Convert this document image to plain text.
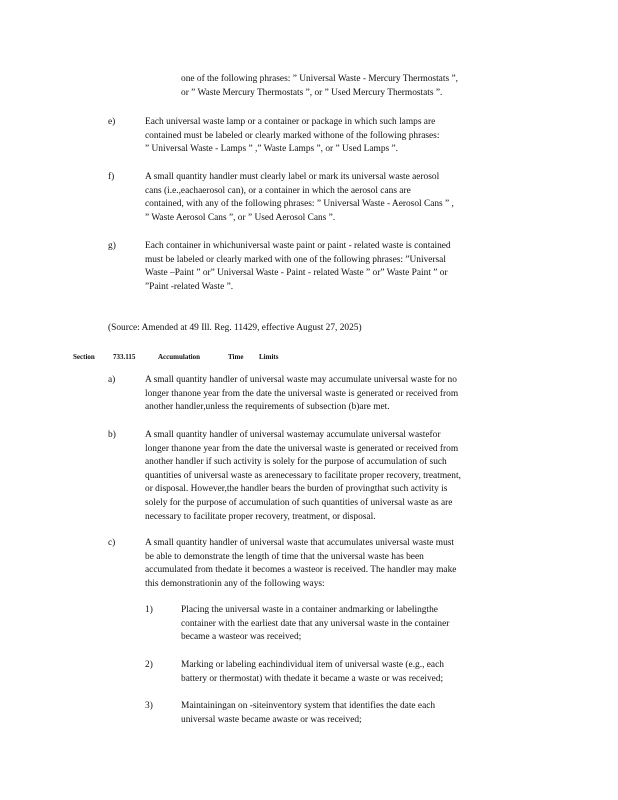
one of the following phrases: ” Universal Waste - Mercury Thermostats ”,

or ” Waste Mercury Thermostats ”, or ” Used Mercury Thermostats ”.

e)	Each universal waste lamp or a container or package in which such lamps are

contained must be labeled or clearly marked withone of the following phrases:

” Universal Waste - Lamps ” ,” Waste Lamps ”, or ” Used Lamps ”.

f)	A small quantity handler must clearly label or mark its universal waste aerosol

cans (i.e.,eachaerosol can), or a container in which the aerosol cans are

contained, with any of the following phrases: ” Universal Waste - Aerosol Cans ” ,

” Waste Aerosol Cans ”, or ” Used Aerosol Cans ”.

g)	Each container in whichuniversal waste paint or paint - related waste is contained

must be labeled or clearly marked with one of the following phrases: ”Universal

Waste –Paint ” or” Universal Waste - Paint - related Waste ” or” Waste Paint ” or

”Paint -related Waste ”.

(Source: Amended at 49 Ill. Reg. 11429, effective August 27, 2025)

Section	733.115	Accumulation	Time Limits
a)	A small quantity handler of universal waste may accumulate universal waste for no

longer thanone year from the date the universal waste is generated or received from

another handler,unless the requirements of subsection (b)are met.

b)	A small quantity handler of universal wastemay accumulate universal wastefor

longer thanone year from the date the universal waste is generated or received from

another handler if such activity is solely for the purpose of accumulation of such

quantities of universal waste as arenecessary to facilitate proper recovery, treatment,

or disposal. However,the handler bears the burden of provingthat such activity is

solely for the purpose of accumulation of such quantities of universal waste as are

necessary to facilitate proper recovery, treatment, or disposal.

c)	A small quantity handler of universal waste that accumulates universal waste must

be able to demonstrate the length of time that the universal waste has been

accumulated from thedate it becomes a wasteor is received. The handler may make

this demonstrationin any of the following ways:

1)	Placing the universal waste in a container andmarking or labelingthe

container with the earliest date that any universal waste in the container

became a wasteor was received;

2)	Marking or labeling eachindividual item of universal waste (e.g., each

battery or thermostat) with thedate it became a waste or was received;

3)	Maintainingan on -siteinventory system that identifies the date each

universal waste became awaste or was received;
